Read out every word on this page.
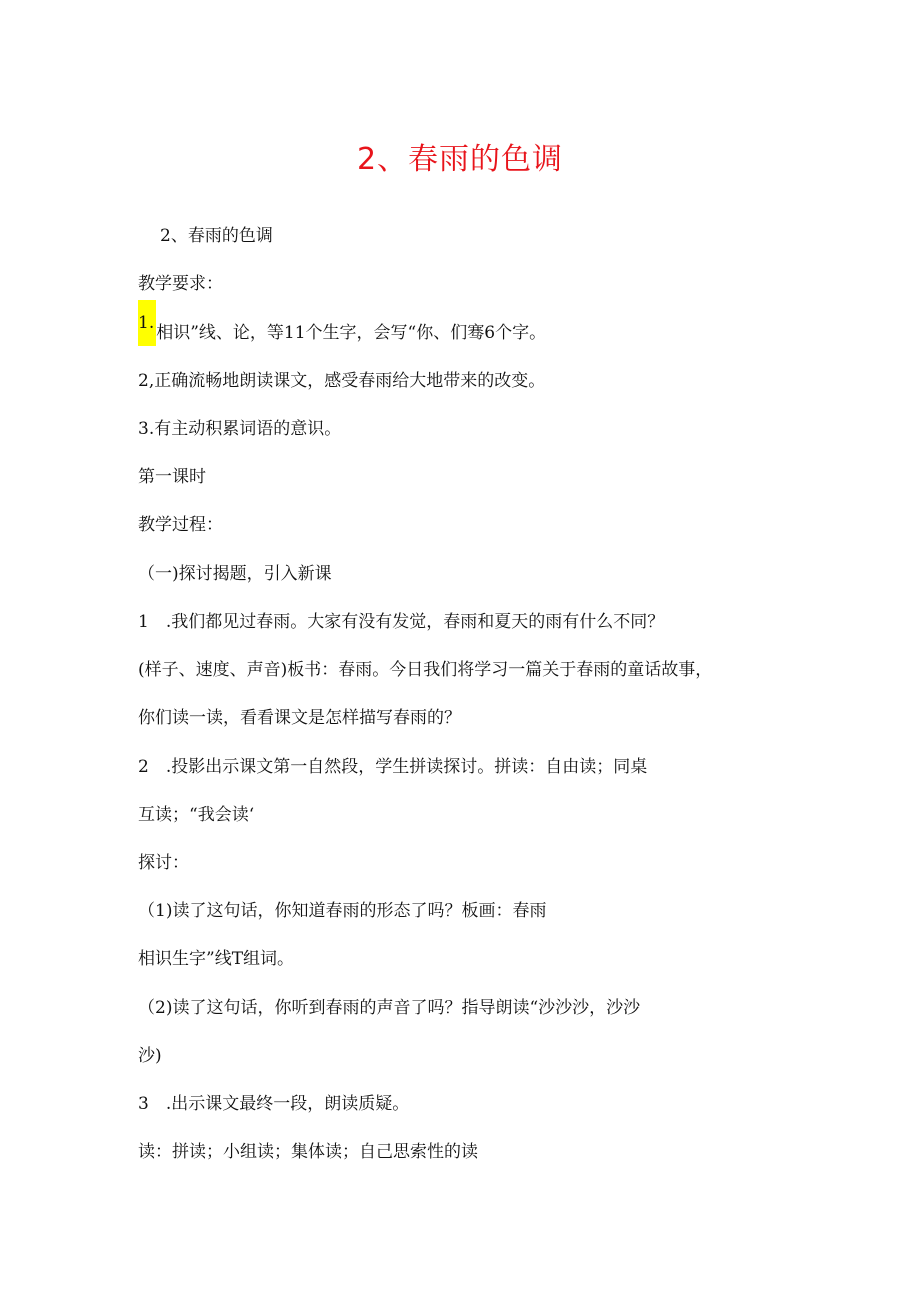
2、春雨的色调
2、春雨的色调
教学要求：
1.相识”线、论，等11个生字，会写“你、们骞6个字。
2,正确流畅地朗读课文，感受春雨给大地带来的改变。
3.有主动积累词语的意识。
第一课时
教学过程：
（一)探讨揭题，引入新课
1　.我们都见过春雨。大家有没有发觉，春雨和夏天的雨有什么不同？
(样子、速度、声音)板书：春雨。今日我们将学习一篇关于春雨的童话故事，
你们读一读，看看课文是怎样描写春雨的？
2　.投影出示课文第一自然段，学生拼读探讨。拼读：自由读；同桌
互读；“我会读‘
探讨：
（1)读了这句话，你知道春雨的形态了吗？板画：春雨
相识生字”线T组词。
（2)读了这句话，你听到春雨的声音了吗？指导朗读“沙沙沙，沙沙
沙)
3　.出示课文最终一段，朗读质疑。
读：拼读；小组读；集体读；自己思索性的读
